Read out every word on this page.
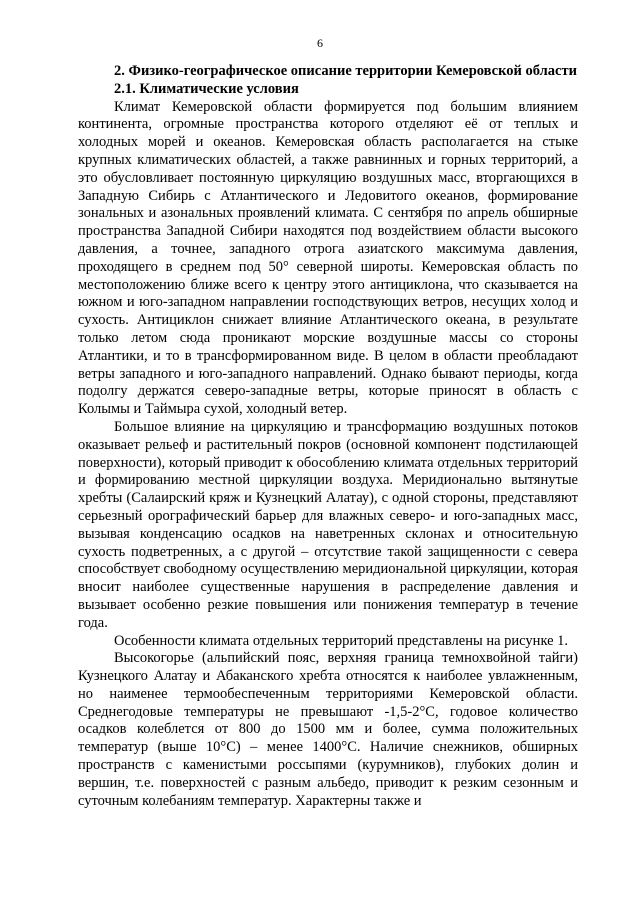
6
2. Физико-географическое описание территории Кемеровской области
2.1. Климатические условия

Климат Кемеровской области формируется под большим влиянием континента, огромные пространства которого отделяют её от теплых и холодных морей и океанов. Кемеровская область располагается на стыке крупных климатических областей, а также равнинных и горных территорий, а это обусловливает постоянную циркуляцию воздушных масс, вторгающихся в Западную Сибирь с Атлантического и Ледовитого океанов, формирование зональных и азональных проявлений климата. С сентября по апрель обширные пространства Западной Сибири находятся под воздействием области высокого давления, а точнее, западного отрога азиатского максимума давления, проходящего в среднем под 50° северной широты. Кемеровская область по местоположению ближе всего к центру этого антициклона, что сказывается на южном и юго-западном направлении господствующих ветров, несущих холод и сухость. Антициклон снижает влияние Атлантического океана, в результате только летом сюда проникают морские воздушные массы со стороны Атлантики, и то в трансформированном виде. В целом в области преобладают ветры западного и юго-западного направлений. Однако бывают периоды, когда подолгу держатся северо-западные ветры, которые приносят в область с Колымы и Таймыра сухой, холодный ветер.

Большое влияние на циркуляцию и трансформацию воздушных потоков оказывает рельеф и растительный покров (основной компонент подстилающей поверхности), который приводит к обособлению климата отдельных территорий и формированию местной циркуляции воздуха. Меридионально вытянутые хребты (Салаирский кряж и Кузнецкий Алатау), с одной стороны, представляют серьезный орографический барьер для влажных северо- и юго-западных масс, вызывая конденсацию осадков на наветренных склонах и относительную сухость подветренных, а с другой – отсутствие такой защищенности с севера способствует свободному осуществлению меридиональной циркуляции, которая вносит наиболее существенные нарушения в распределение давления и вызывает особенно резкие повышения или понижения температур в течение года.

Особенности климата отдельных территорий представлены на рисунке 1.

Высокогорье (альпийский пояс, верхняя граница темнохвойной тайги) Кузнецкого Алатау и Абаканского хребта относятся к наиболее увлажненным, но наименее термообеспеченным территориями Кемеровской области. Среднегодовые температуры не превышают -1,5-2°С, годовое количество осадков колеблется от 800 до 1500 мм и более, сумма положительных температур (выше 10°С) – менее 1400°С. Наличие снежников, обширных пространств с каменистыми россыпями (курумников), глубоких долин и вершин, т.е. поверхностей с разным альбедо, приводит к резким сезонным и суточным колебаниям температур. Характерны также и
